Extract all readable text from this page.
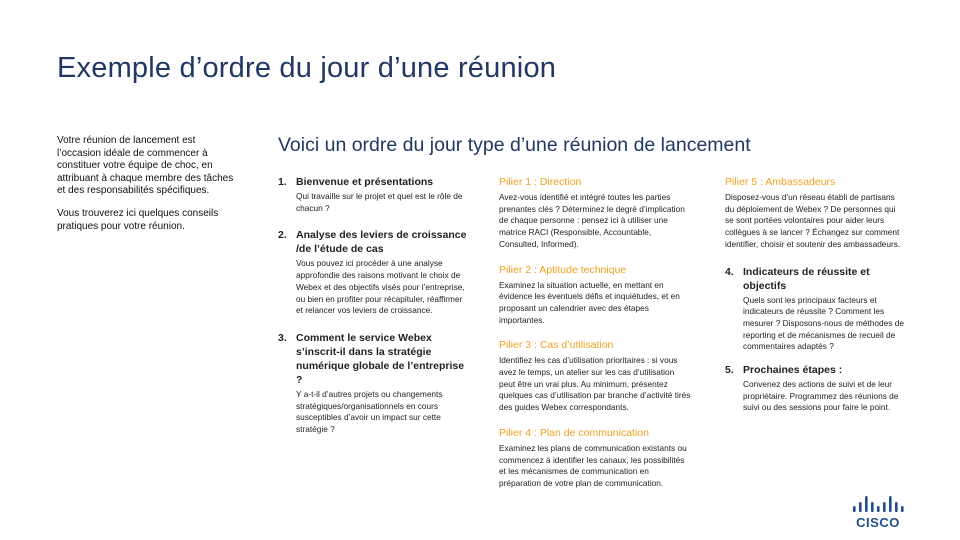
Exemple d’ordre du jour d’une réunion

Votre réunion de lancement est l’occasion idéale de commencer à constituer votre équipe de choc, en attribuant à chaque membre des tâches et des responsabilités spécifiques.

Vous trouverez ici quelques conseils pratiques pour votre réunion.

Voici un ordre du jour type d’une réunion de lancement
1. Bienvenue et présentations
Qui travaille sur le projet et quel est le rôle de chacun ?
2. Analyse des leviers de croissance /de l’étude de cas
Vous pouvez ici procéder à une analyse approfondie des raisons motivant le choix de Webex et des objectifs visés pour l’entreprise, ou bien en profiter pour récapituler, réaffirmer et relancer vos leviers de croissance.
3. Comment le service Webex s’inscrit-il dans la stratégie numérique globale de l’entreprise ?
Y a-t-il d’autres projets ou changements stratégiques/organisationnels en cours susceptibles d’avoir un impact sur cette stratégie ?
Pilier 1 : Direction
Avez-vous identifié et intégré toutes les parties prenantes clés ? Déterminez le degré d’implication de chaque personne : pensez ici à utiliser une matrice RACI (Responsible, Accountable, Consulted, Informed).
Pilier 2 : Aptitude technique
Examinez la situation actuelle, en mettant en évidence les éventuels défis et inquiétudes, et en proposant un calendrier avec des étapes importantes.
Pilier 3 : Cas d’utilisation
Identifiez les cas d’utilisation prioritaires : si vous avez le temps, un atelier sur les cas d’utilisation peut être un vrai plus. Au minimum, présentez quelques cas d’utilisation par branche d’activité tirés des guides Webex correspondants.
Pilier 4 : Plan de communication
Examinez les plans de communication existants ou commencez à identifier les canaux, les possibilités et les mécanismes de communication en préparation de votre plan de communication.
Pilier 5 : Ambassadeurs
Disposez-vous d’un réseau établi de partisans du déploiement de Webex ? De personnes qui se sont portées volontaires pour aider leurs collègues à se lancer ? Échangez sur comment identifier, choisir et soutenir des ambassadeurs.
4. Indicateurs de réussite et objectifs
Quels sont les principaux facteurs et indicateurs de réussite ? Comment les mesurer ? Disposons-nous de méthodes de reporting et de mécanismes de recueil de commentaires adaptés ?
5. Prochaines étapes :
Convenez des actions de suivi et de leur propriétaire. Programmez des réunions de suivi ou des sessions pour faire le point.
CISCO
